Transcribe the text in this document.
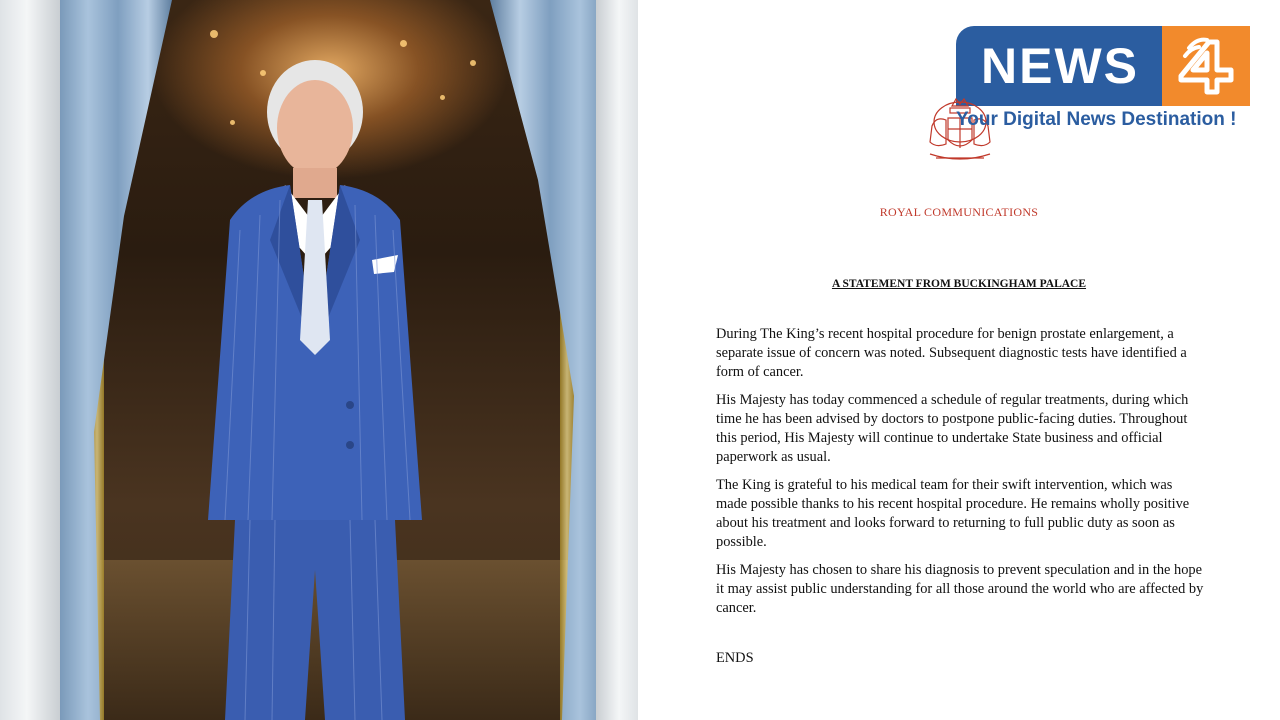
NEWS
Your Digital News Destination !
ROYAL COMMUNICATIONS
A STATEMENT FROM BUCKINGHAM PALACE

During The King’s recent hospital procedure for benign prostate enlargement, a separate issue of concern was noted. Subsequent diagnostic tests have identified a form of cancer.

His Majesty has today commenced a schedule of regular treatments, during which time he has been advised by doctors to postpone public-facing duties. Throughout this period, His Majesty will continue to undertake State business and official paperwork as usual.

The King is grateful to his medical team for their swift intervention, which was made possible thanks to his recent hospital procedure. He remains wholly positive about his treatment and looks forward to returning to full public duty as soon as possible.

His Majesty has chosen to share his diagnosis to prevent speculation and in the hope it may assist public understanding for all those around the world who are affected by cancer.

ENDS
